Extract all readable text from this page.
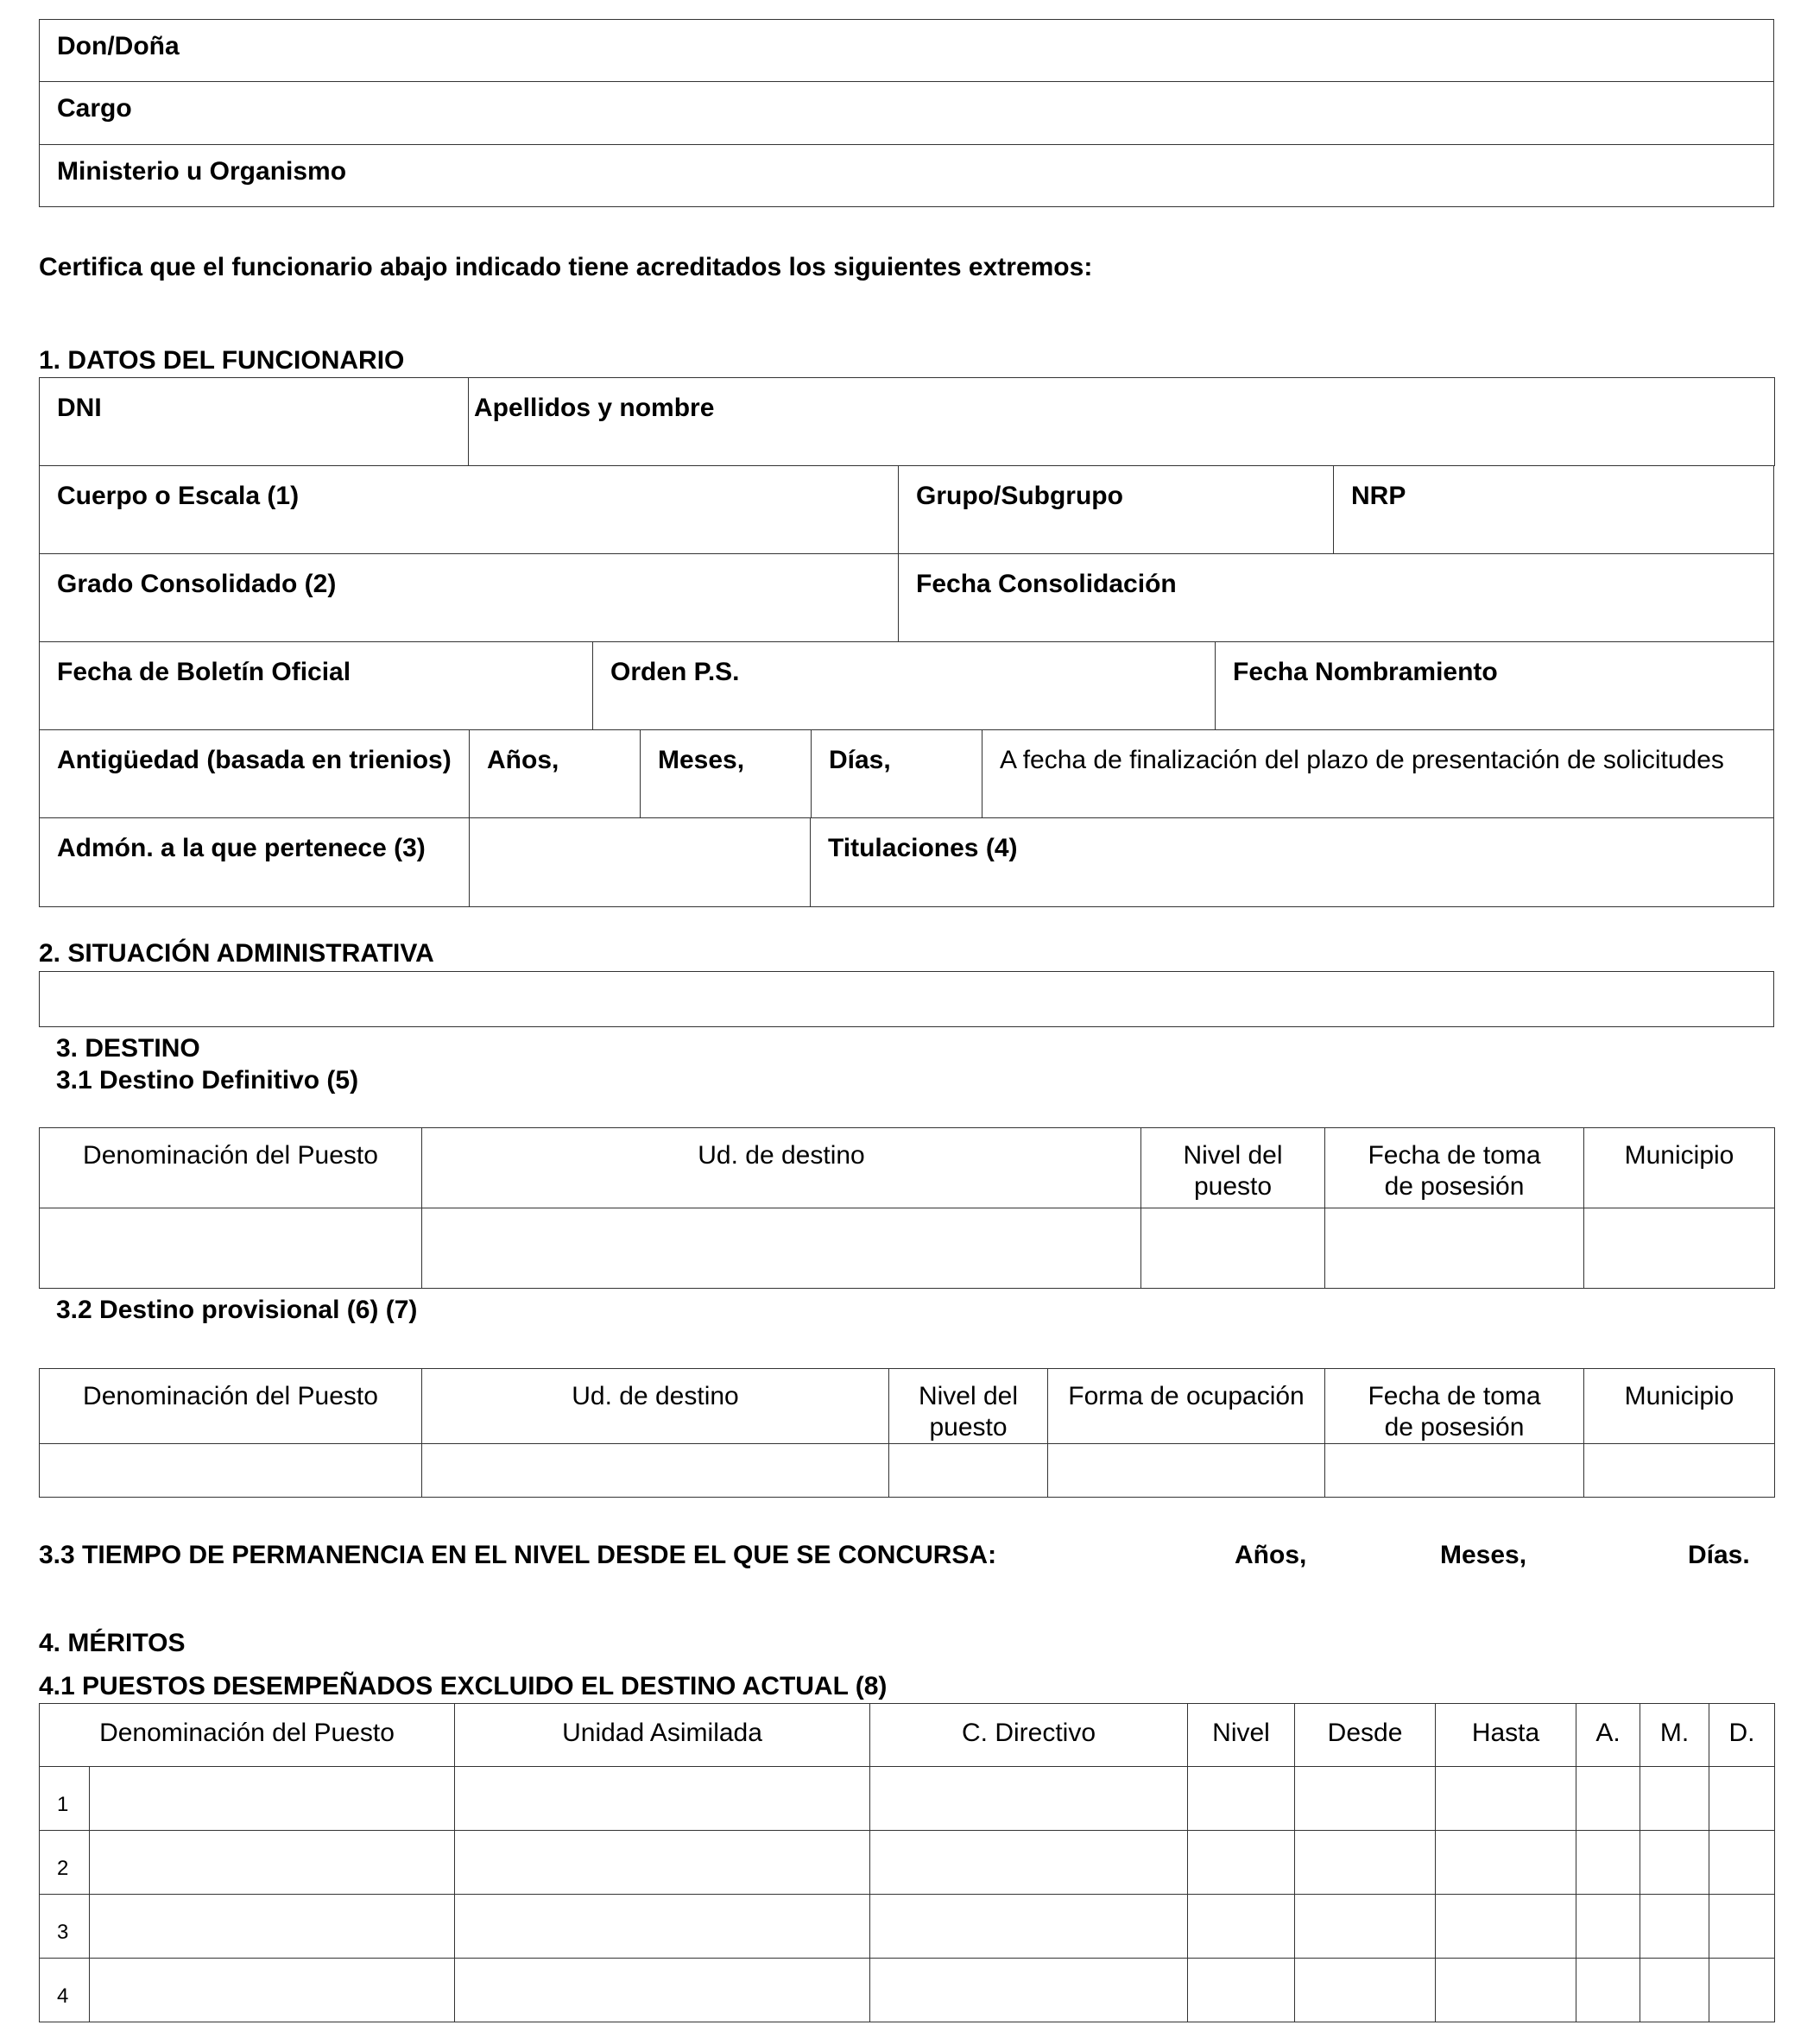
Don/Doña

Cargo

Ministerio u Organismo
Certifica que el funcionario abajo indicado tiene acreditados los siguientes extremos:
1. DATOS DEL FUNCIONARIO
DNI	Apellidos y nombre
Cuerpo o Escala (1)	Grupo/Subgrupo	NRP
Grado Consolidado (2)	Fecha Consolidación
Fecha de Boletín Oficial	Orden P.S.	Fecha Nombramiento
Antigüedad (basada en trienios)	Años,	Meses,	Días,	A fecha de finalización del plazo de presentación de solicitudes
Admón. a la que pertenece (3)		Titulaciones (4)
2. SITUACIÓN ADMINISTRATIVA
3. DESTINO
3.1 Destino Definitivo (5)
Denominación del Puesto	Ud. de destino	Nivel del puesto	Fecha de toma de posesión	Municipio

3.2 Destino provisional (6) (7)
Denominación del Puesto	Ud. de destino	Nivel del puesto	Forma de ocupación	Fecha de toma de posesión	Municipio

3.3 TIEMPO DE PERMANENCIA EN EL NIVEL DESDE EL QUE SE CONCURSA:	Años,	Meses,	Días.
4. MÉRITOS
4.1 PUESTOS DESEMPEÑADOS EXCLUIDO EL DESTINO ACTUAL (8)
Denominación del Puesto		Unidad Asimilada	C. Directivo	Nivel	Desde	Hasta	A.	M.	D.

1									

2									

3									

4									
